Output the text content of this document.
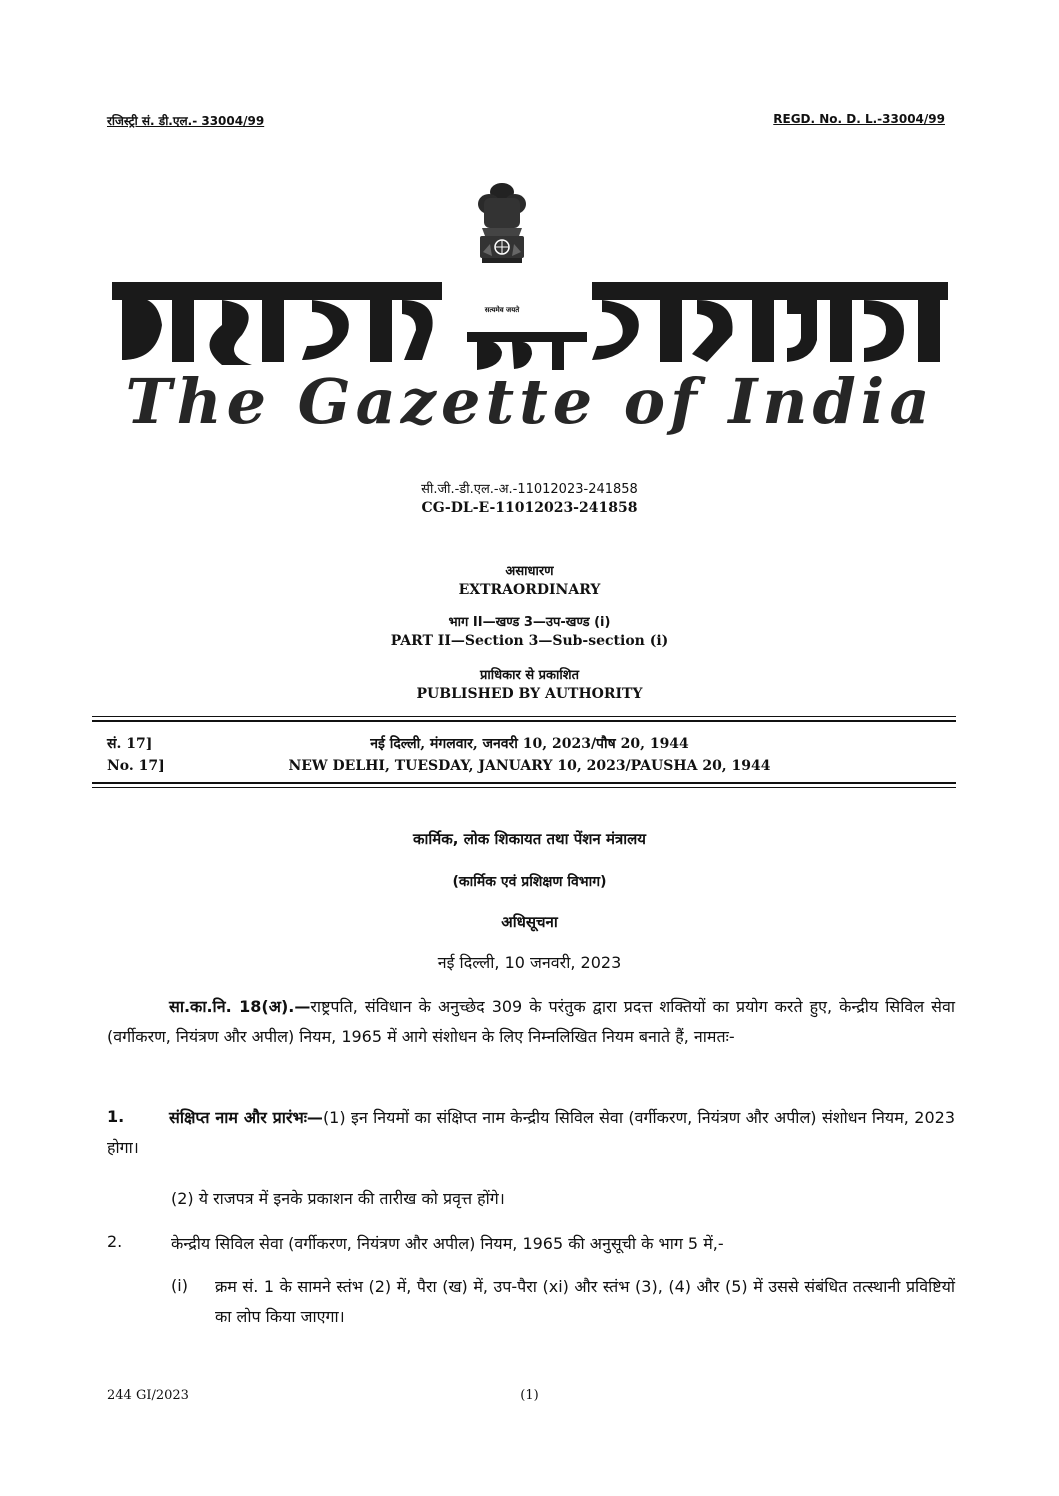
रजिस्ट्री सं. डी.एल.- 33004/99	REGD. No. D. L.-33004/99
सत्यमेव जयते
The Gazette of India
सी.जी.-डी.एल.-अ.-11012023-241858
CG-DL-E-11012023-241858
असाधारण
EXTRAORDINARY
भाग II—खण्ड 3—उप-खण्ड (i)
PART II—Section 3—Sub-section (i)
प्राधिकार से प्रकाशित
PUBLISHED BY AUTHORITY
सं. 17]	नई दिल्ली, मंगलवार, जनवरी 10, 2023/पौष 20, 1944
No. 17]	NEW DELHI, TUESDAY, JANUARY 10, 2023/PAUSHA 20, 1944
कार्मिक, लोक शिकायत तथा पेंशन मंत्रालय
(कार्मिक एवं प्रशिक्षण विभाग)
अधिसूचना
नई दिल्ली, 10 जनवरी, 2023
सा.का.नि. 18(अ).—राष्ट्रपति, संविधान के अनुच्छेद 309 के परंतुक द्वारा प्रदत्त शक्तियों का प्रयोग करते हुए, केन्द्रीय सिविल सेवा (वर्गीकरण, नियंत्रण और अपील) नियम, 1965 में आगे संशोधन के लिए निम्नलिखित नियम बनाते हैं, नामतः-
1.	संक्षिप्त नाम और प्रारंभः—(1) इन नियमों का संक्षिप्त नाम केन्द्रीय सिविल सेवा (वर्गीकरण, नियंत्रण और अपील) संशोधन नियम, 2023 होगा।
(2) ये राजपत्र में इनके प्रकाशन की तारीख को प्रवृत्त होंगे।
2.	केन्द्रीय सिविल सेवा (वर्गीकरण, नियंत्रण और अपील) नियम, 1965 की अनुसूची के भाग 5 में,-
(i) क्रम सं. 1 के सामने स्तंभ (2) में, पैरा (ख) में, उप-पैरा (xi) और स्तंभ (3), (4) और (5) में उससे संबंधित तत्स्थानी प्रविष्टियों का लोप किया जाएगा।
244 GI/2023	(1)
